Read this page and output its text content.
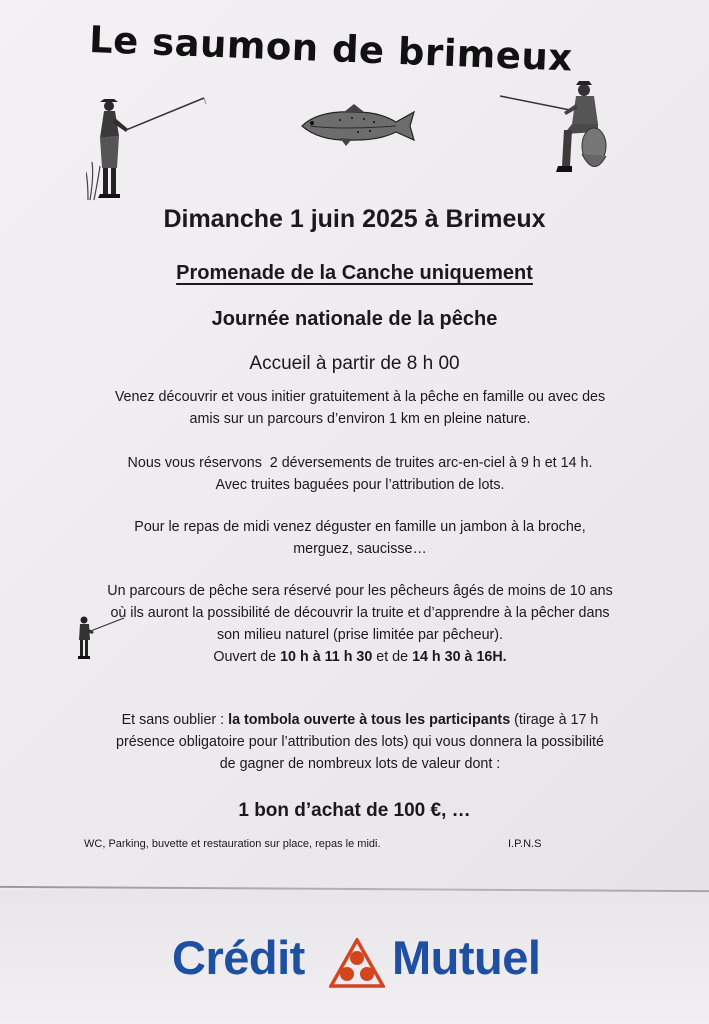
Le saumon de brimeux
Dimanche 1 juin 2025 à Brimeux
Promenade de la Canche uniquement
Journée nationale de la pêche
Accueil à partir de 8 h 00
Venez découvrir et vous initier gratuitement à la pêche en famille ou avec des
amis sur un parcours d’environ 1 km en pleine nature.
Nous vous réservons  2 déversements de truites arc-en-ciel à 9 h et 14 h.
Avec truites baguées pour l’attribution de lots.
Pour le repas de midi venez déguster en famille un jambon à la broche,
merguez, saucisse…
Un parcours de pêche sera réservé pour les pêcheurs âgés de moins de 10 ans
où ils auront la possibilité de découvrir la truite et d’apprendre à la pêcher dans
son milieu naturel (prise limitée par pêcheur).
Ouvert de 10 h à 11 h 30 et de 14 h 30 à 16H.
Et sans oublier : la tombola ouverte à tous les participants (tirage à 17 h
présence obligatoire pour l’attribution des lots) qui vous donnera la possibilité
de gagner de nombreux lots de valeur dont :
1 bon d’achat de 100 €, …
WC, Parking, buvette et restauration sur place, repas le midi.	I.P.N.S
Crédit Mutuel
